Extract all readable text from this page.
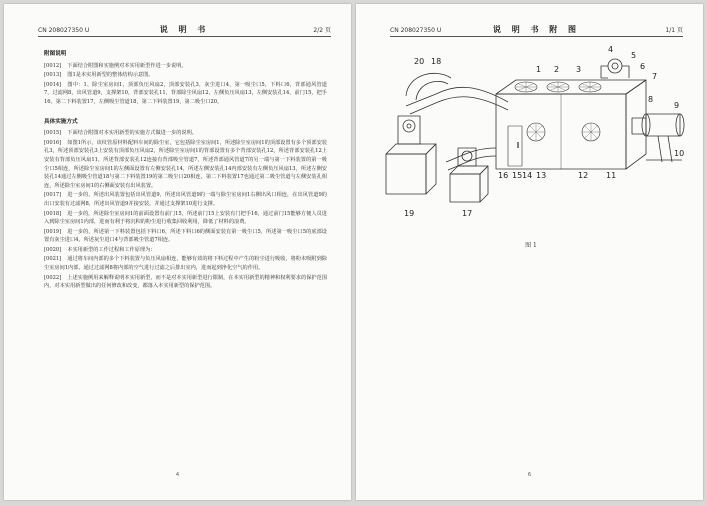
CN 208027350 U	说 明 书	2/2 页
附图说明
[0012] 下面结合附图和实施例对本实用新型作进一步说明。
[0013] 图1是本实用新型的整体结构示意图。
[0014] 图中：1、除尘室房间1，顶部负压风扇2，顶部安装孔3，灰尘进口4，第一吸尘口5，下料口6，背部通风管道7，过滤网8，出风管道9，支撑架10，背部安装孔11，背部除尘风扇12，左侧负压风扇13，左侧安装孔14，前门15，把手16，第二下料装置17，左侧吸尘管道18，第二下料装置19，第二吸尘口20。
具体实施方式
[0015] 下面结合附图对本实用新型的实施方式做进一步的说明。
[0016] 如图1所示，该纹管原材料配料车间的除尘室，它包括除尘室房间1，所述除尘室房间1的顶部设置有多个顶部安装孔3，所述顶部安装孔3上安装有顶部负压风扇2，所述除尘室房间1的背部设置有多个背部安装孔12，所述背部安装孔12上安装有背部负压风扇11，所述背部安装孔12连接有背部吸尘管道7，所述背部通风管道7的另一端与第一下料装置的第一吸尘口5相连，所述除尘室房间1的左侧面设置有左侧安装孔14，所述左侧安装孔14内部安装有左侧负压风扇13，所述左侧安装孔14通过左侧吸尘管道18与第二下料装置19的第二吸尘口20相连，第二下料装置17也通过第二吸尘管道与左侧安装孔相连，所述除尘室房间1的右侧面安装有出风装置。
[0017] 进一步的，所述出风装置包括出风管道9，所述出风管道9的一端与除尘室房间1右侧出风口相连，在出风管道9的出口安装有过滤网8，所述出风管道9并接安装，并通过支撑架10进行支撑。
[0018] 进一步的，所述除尘室房间1的前面设置有前门15，所述前门15上安装有门把手16，通过前门15能够方便人员进入到除尘室房间1内部，进而有利于将沉积的粉尘进行收集回收利用，降低了材料的浪费。
[0019] 进一步的，所述第一下料装置包括下料口6，所述下料口6的侧面安装有第一吸尘口5，所述第一吸尘口5的底部设置有灰尘进口4，所述灰尘进口4与背部吸尘管道7相连。
[0020] 本实用新型的工作过程和工作原理为：
[0021] 通过将车间内部的多个下料装置与负压风扇相连，能够有效的将下料过程中产生的粉尘进行吸收，将粉末吸附到除尘室房间1内部，通过过滤网8将内部的空气进行过滤之后排出室内，进而起到净化空气的作用。
[0022] 上述实施例用来解释说明本实用新型，而不是对本实用新型进行限制，在本实用新型的精神和权利要求的保护范围内，对本实用新型做出的任何修改和改变，都落入本实用新型的保护范围。
4
CN 208027350 U	说 明 书 附 图	1/1 页
1 2 3
4
5
6
7
8
9
10
11
12
13
14
15
16
17
18
19
20
图 1
6
